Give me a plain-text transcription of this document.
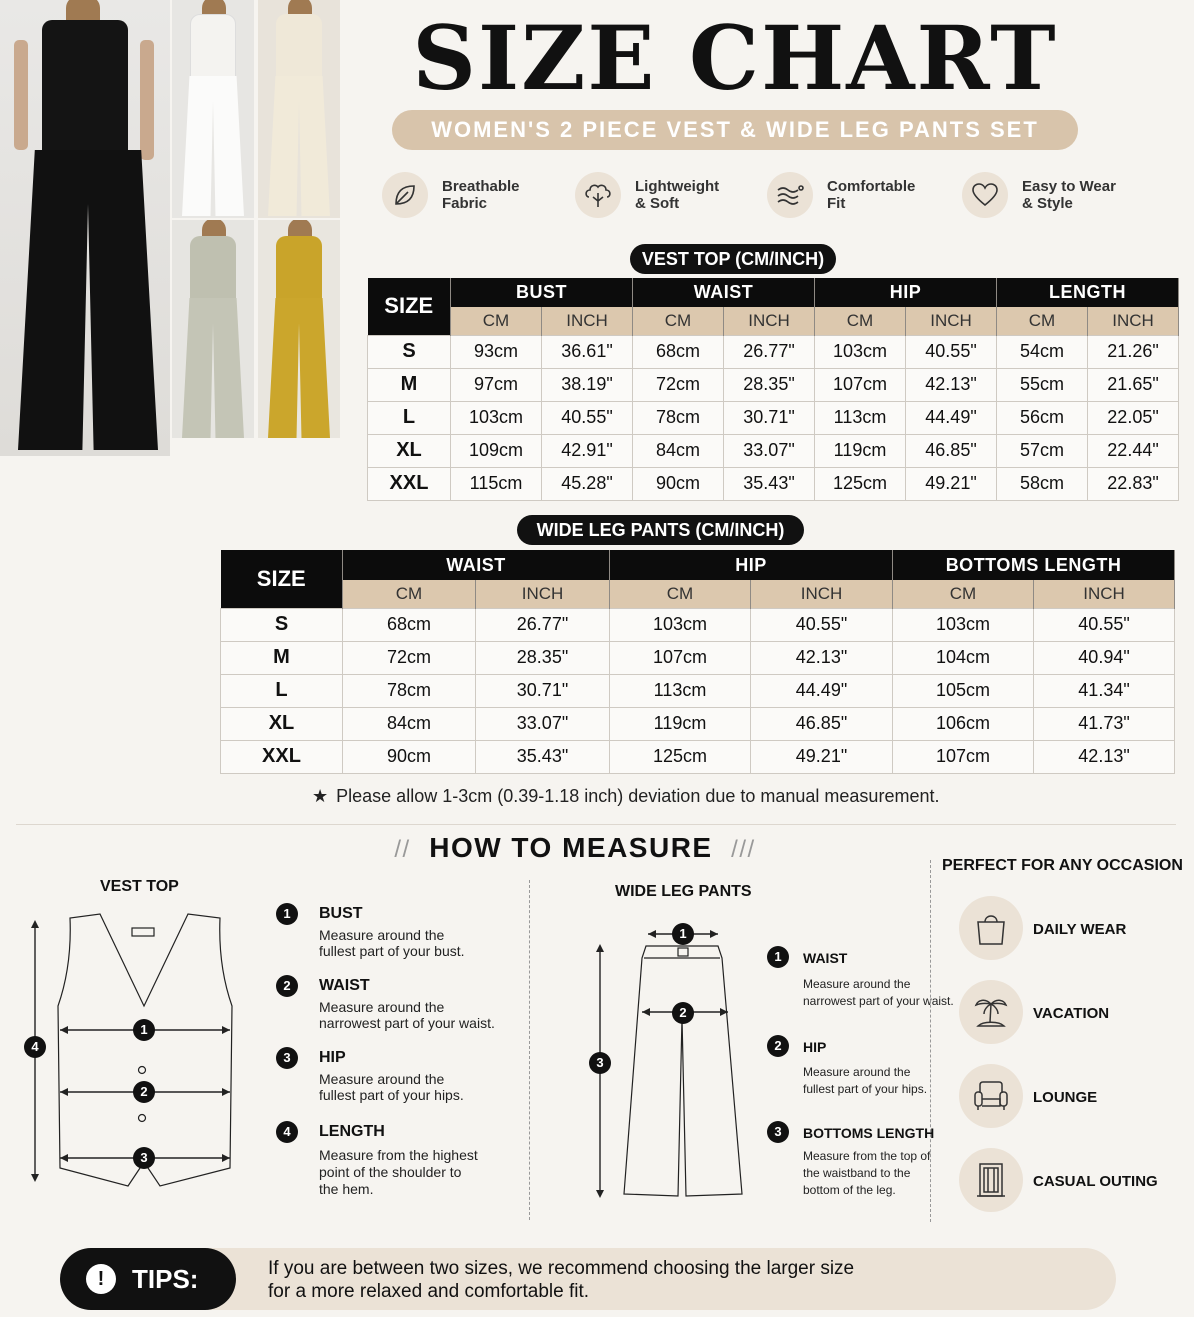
SIZE CHART
WOMEN'S 2 PIECE VEST & WIDE LEG PANTS SET
Breathable
Fabric
Lightweight
& Soft
Comfortable
Fit
Easy to Wear
& Style
VEST TOP (CM/INCH)
SIZE	BUST		WAIST		HIP		LENGTH	
	CM	INCH	CM	INCH	CM	INCH	CM	INCH
S	93cm	36.61"	68cm	26.77"	103cm	40.55"	54cm	21.26"
M	97cm	38.19"	72cm	28.35"	107cm	42.13"	55cm	21.65"
L	103cm	40.55"	78cm	30.71"	113cm	44.49"	56cm	22.05"
XL	109cm	42.91"	84cm	33.07"	119cm	46.85"	57cm	22.44"
XXL	115cm	45.28"	90cm	35.43"	125cm	49.21"	58cm	22.83"
WIDE LEG PANTS (CM/INCH)
SIZE	WAIST		HIP		BOTTOMS LENGTH	
	CM	INCH	CM	INCH	CM	INCH
S	68cm	26.77"	103cm	40.55"	103cm	40.55"
M	72cm	28.35"	107cm	42.13"	104cm	40.94"
L	78cm	30.71"	113cm	44.49"	105cm	41.34"
XL	84cm	33.07"	119cm	46.85"	106cm	41.73"
XXL	90cm	35.43"	125cm	49.21"	107cm	42.13"
★ Please allow 1-3cm (0.39-1.18 inch) deviation due to manual measurement.
// HOW TO MEASURE ///
VEST TOP
1
2
3
4
1	BUST
Measure around the
fullest part of your bust.
2	WAIST
Measure around the
narrowest part of your waist.
3	HIP
Measure around the
fullest part of your hips.
4	LENGTH
Measure from the highest
point of the shoulder to
the hem.
WIDE LEG PANTS
1
2
3
1	WAIST
Measure around the
narrowest part of your waist.
2	HIP
Measure around the
fullest part of your hips.
3	BOTTOMS LENGTH
Measure from the top of
the waistband to the
bottom of the leg.
PERFECT FOR ANY OCCASION
DAILY WEAR
VACATION
LOUNGE
CASUAL OUTING
!	TIPS:	If you are between two sizes, we recommend choosing the larger size
for a more relaxed and comfortable fit.
